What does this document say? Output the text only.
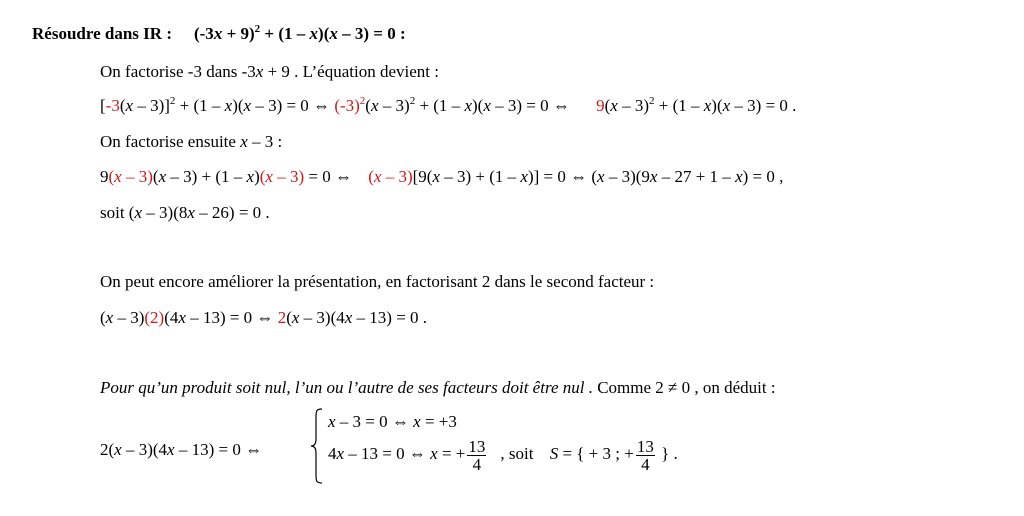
Résoudre dans IR : $(-3x + 9)^2 + (1 - x)(x - 3) = 0$ :
On factorise -3 dans -3x + 9 . L’équation devient :
[-3(x – 3)]$^2$ + (1 – x)(x – 3) = 0 ⇔ $(-3)^2(x - 3)^2 + (1 - x)(x - 3) = 0$ ⇔ 9(x – 3)$^2$ + (1 – x)(x – 3) = 0 .
On factorise ensuite x – 3 :
9(x – 3)(x – 3) + (1 – x)(x – 3) = 0 ⇔ (x – 3)[9(x – 3) + (1 – x)] = 0 ⇔ (x – 3)(9x – 27 + 1 – x) = 0 ,
soit (x – 3)(8x – 26) = 0 .
On peut encore améliorer la présentation, en factorisant 2 dans le second facteur :
(x – 3)(2)(4x – 13) = 0 ⇔ 2(x – 3)(4x – 13) = 0 .
Pour qu’un produit soit nul, l’un ou l’autre de ses facteurs doit être nul . Comme 2 ≠ 0 , on déduit :
2(x – 3)(4x – 13) = 0 ⇔
x – 3 = 0 ⇔ x = +3
4x – 13 = 0 ⇔ x = + $\frac{13}{4}$ , soit S = { + 3 ; + $\frac{13}{4}$ } .
